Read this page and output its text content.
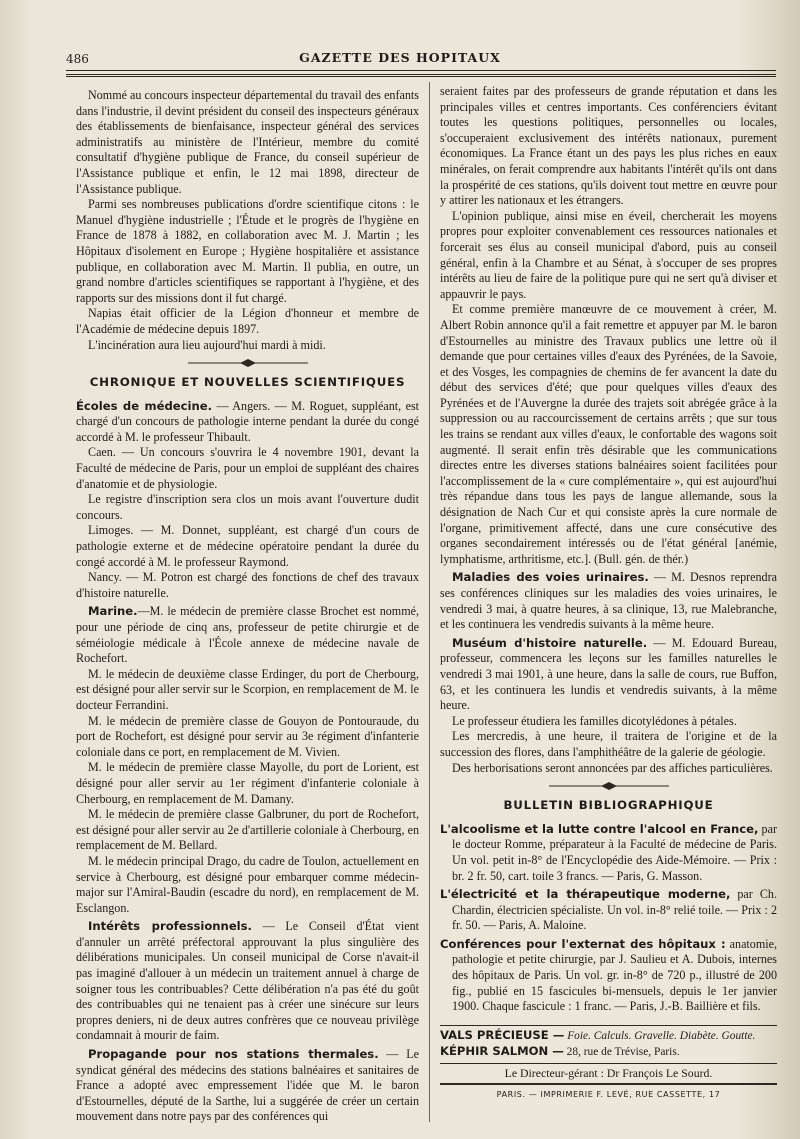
486	GAZETTE DES HOPITAUX

Nommé au concours inspecteur départemental du travail des enfants dans l'industrie, il devint président du conseil des inspecteurs généraux des établissements de bienfaisance, inspecteur général des services administratifs au ministère de l'Intérieur, membre du comité consultatif d'hygiène publique de France, du conseil supérieur de l'Assistance publique et enfin, le 12 mai 1898, directeur de l'Assistance publique.

Parmi ses nombreuses publications d'ordre scientifique citons : le Manuel d'hygiène industrielle ; l'Étude et le progrès de l'hygiène en France de 1878 à 1882, en collaboration avec M. J. Martin ; les Hôpitaux d'isolement en Europe ; Hygiène hospitalière et assistance publique, en collaboration avec M. Martin. Il publia, en outre, un grand nombre d'articles scientifiques se rapportant à l'hygiène, et des rapports sur des missions dont il fut chargé.

Napias était officier de la Légion d'honneur et membre de l'Académie de médecine depuis 1897.

L'incinération aura lieu aujourd'hui mardi à midi.

CHRONIQUE ET NOUVELLES SCIENTIFIQUES

Écoles de médecine. — Angers. — M. Roguet, suppléant, est chargé d'un concours de pathologie interne pendant la durée du congé accordé à M. le professeur Thibault.

Caen. — Un concours s'ouvrira le 4 novembre 1901, devant la Faculté de médecine de Paris, pour un emploi de suppléant des chaires d'anatomie et de physiologie.

Le registre d'inscription sera clos un mois avant l'ouverture dudit concours.

Limoges. — M. Donnet, suppléant, est chargé d'un cours de pathologie externe et de médecine opératoire pendant la durée du congé accordé à M. le professeur Raymond.

Nancy. — M. Potron est chargé des fonctions de chef des travaux d'histoire naturelle.

Marine.—M. le médecin de première classe Brochet est nommé, pour une période de cinq ans, professeur de petite chirurgie et de séméiologie médicale à l'École annexe de médecine navale de Rochefort.

M. le médecin de deuxième classe Erdinger, du port de Cherbourg, est désigné pour aller servir sur le Scorpion, en remplacement de M. le docteur Ferrandini.

M. le médecin de première classe de Gouyon de Pontouraude, du port de Rochefort, est désigné pour servir au 3e régiment d'infanterie coloniale dans ce port, en remplacement de M. Vivien.

M. le médecin de première classe Mayolle, du port de Lorient, est désigné pour aller servir au 1er régiment d'infanterie coloniale à Cherbourg, en remplacement de M. Damany.

M. le médecin de première classe Galbruner, du port de Rochefort, est désigné pour aller servir au 2e d'artillerie coloniale à Cherbourg, en remplacement de M. Bellard.

M. le médecin principal Drago, du cadre de Toulon, actuellement en service à Cherbourg, est désigné pour embarquer comme médecin-major sur l'Amiral-Baudin (escadre du nord), en remplacement de M. Esclangon.

Intérêts professionnels. — Le Conseil d'État vient d'annuler un arrêté préfectoral approuvant la plus singulière des délibérations municipales. Un conseil municipal de Corse n'avait-il pas imaginé d'allouer à un médecin un traitement annuel à charge de soigner tous les contribuables? Cette délibération n'a pas été du goût des contribuables qui ne tenaient pas à créer une sinécure sur leurs propres deniers, ni de deux autres confrères que ce nouveau privilège condamnait à mourir de faim.

Propagande pour nos stations thermales. — Le syndicat général des médecins des stations balnéaires et sanitaires de France a adopté avec empressement l'idée que M. le baron d'Estournelles, député de la Sarthe, lui a suggérée de créer un certain mouvement dans notre pays par des conférences qui

seraient faites par des professeurs de grande réputation et dans les principales villes et centres importants. Ces conférenciers évitant toutes les questions politiques, personnelles ou locales, s'occuperaient exclusivement des intérêts nationaux, purement économiques. La France étant un des pays les plus riches en eaux minérales, on ferait comprendre aux habitants l'intérêt qu'ils ont dans la prospérité de ces stations, qu'ils doivent tout mettre en œuvre pour y attirer les nationaux et les étrangers.

L'opinion publique, ainsi mise en éveil, chercherait les moyens propres pour exploiter convenablement ces ressources nationales et forcerait ses élus au conseil municipal d'abord, puis au conseil général, enfin à la Chambre et au Sénat, à s'occuper de ses propres intérêts au lieu de faire de la politique pure qui ne sert qu'à diviser et appauvrir le pays.

Et comme première manœuvre de ce mouvement à créer, M. Albert Robin annonce qu'il a fait remettre et appuyer par M. le baron d'Estournelles au ministre des Travaux publics une lettre où il demande que pour certaines villes d'eaux des Pyrénées, de la Savoie, et des Vosges, les compagnies de chemins de fer avancent la date du début des services d'été; que pour quelques villes d'eaux des Pyrénées et de l'Auvergne la durée des trajets soit abrégée grâce à la suppression ou au raccourcissement de certains arrêts ; que sur tous les trains se rendant aux villes d'eaux, le confortable des wagons soit augmenté. Il serait enfin très désirable que les communications directes entre les diverses stations balnéaires soient facilitées pour l'accomplissement de la « cure complémentaire », qui est aujourd'hui très répandue dans tous les pays de langue allemande, sous la désignation de Nach Cur et qui consiste après la cure normale de l'organe, primitivement affecté, dans une cure consécutive des organes secondairement intéressés ou de l'état général [anémie, lymphatisme, arthritisme, etc.]. (Bull. gén. de thér.)

Maladies des voies urinaires. — M. Desnos reprendra ses conférences cliniques sur les maladies des voies urinaires, le vendredi 3 mai, à quatre heures, à sa clinique, 13, rue Malebranche, et les continuera les vendredis suivants à la même heure.

Muséum d'histoire naturelle. — M. Edouard Bureau, professeur, commencera les leçons sur les familles naturelles le vendredi 3 mai 1901, à une heure, dans la salle de cours, rue Buffon, 63, et les continuera les lundis et vendredis suivants, à la même heure.

Le professeur étudiera les familles dicotylédones à pétales.

Les mercredis, à une heure, il traitera de l'origine et de la succession des flores, dans l'amphithéâtre de la galerie de géologie.

Des herborisations seront annoncées par des affiches particulières.

BULLETIN BIBLIOGRAPHIQUE

L'alcoolisme et la lutte contre l'alcool en France, par le docteur Romme, préparateur à la Faculté de médecine de Paris. Un vol. petit in-8° de l'Encyclopédie des Aide-Mémoire. — Prix : br. 2 fr. 50, cart. toile 3 francs. — Paris, G. Masson.

L'électricité et la thérapeutique moderne, par Ch. Chardin, électricien spécialiste. Un vol. in-8° relié toile. — Prix : 2 fr. 50. — Paris, A. Maloine.

Conférences pour l'externat des hôpitaux : anatomie, pathologie et petite chirurgie, par J. Saulieu et A. Dubois, internes des hôpitaux de Paris. Un vol. gr. in-8° de 720 p., illustré de 200 fig., publié en 15 fascicules bi-mensuels, depuis le 1er janvier 1900. Chaque fascicule : 1 franc. — Paris, J.-B. Baillière et fils.

VALS PRÉCIEUSE — Foie. Calculs. Gravelle. Diabète. Goutte.
KÉPHIR SALMON — 28, rue de Trévise, Paris.
Le Directeur-gérant : Dr François Le Sourd.
PARIS. — IMPRIMERIE F. LEVÉ, RUE CASSETTE, 17
